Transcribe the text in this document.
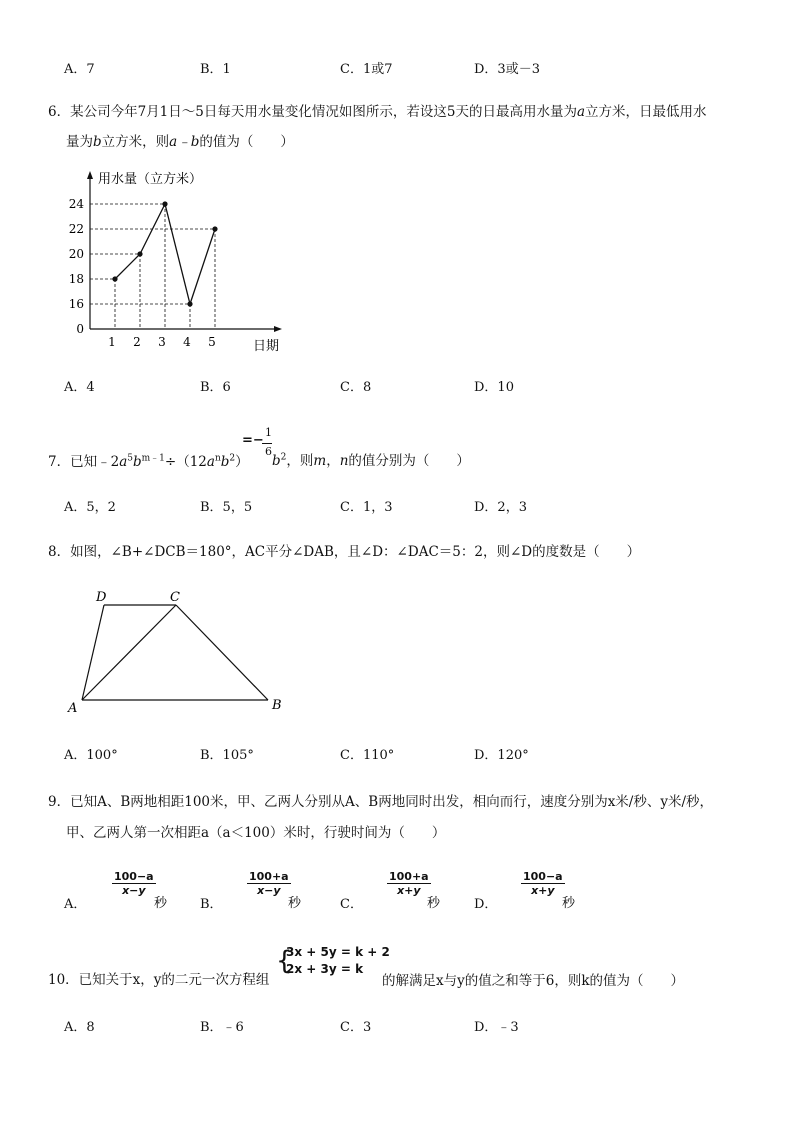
A．7	B．1	C．1或7	D．3或－3
6．某公司今年7月1日～5日每天用水量变化情况如图所示，若设这5天的日最高用水量为a立方米，日最低用水
量为b立方米，则a﹣b的值为（　　）
用水量（立方米）
日期
0
16
18
20
22
24
1 2 3 4 5
A．4	B．6	C．8	D．10
7．已知$﹣2a^5b^{m﹣1}\div(12a^nb^2)$
=−
1
6
$b^2$，则m，n的值分别为（　　）
A．5，2	B．5，5	C．1，3	D．2，3
8．如图，∠B+∠DCB＝180°，AC平分∠DAB，且∠D：∠DAC＝5：2，则∠D的度数是（　　）
D	C
A	B
A．100°	B．105°	C．110°	D．120°
9．已知A、B两地相距100米，甲、乙两人分别从A、B两地同时出发，相向而行，速度分别为x米/秒、y米/秒，
甲、乙两人第一次相距a（a＜100）米时，行驶时间为（　　）
A．
$\frac{100-a}{x-y}$
秒	B．
$\frac{100+a}{x-y}$
秒	C．
$\frac{100+a}{x+y}$
秒	D．
$\frac{100-a}{x+y}$
秒
10．已知关于x，y的二元一次方程组
{
3x + 5y = k + 2
2x + 3y = k
的解满足x与y的值之和等于6，则k的值为（　　）
A．8	B．﹣6	C．3	D．﹣3
